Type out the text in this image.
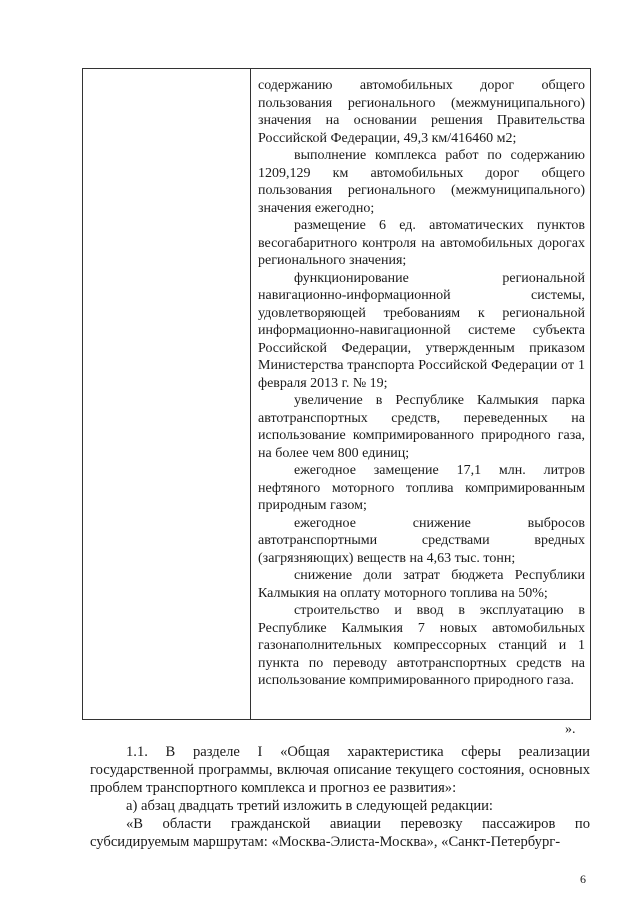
содержанию автомобильных дорог общего пользования регионального (межмуниципального) значения на основании решения Правительства Российской Федерации, 49,3 км/416460 м2;

выполнение комплекса работ по содержанию 1209,129 км автомобильных дорог общего пользования регионального (межмуниципального) значения ежегодно;

размещение 6 ед. автоматических пунктов весогабаритного контроля на автомобильных дорогах регионального значения;

функционирование региональной навигационно-информационной системы, удовлетворяющей требованиям к региональной информационно-навигационной системе субъекта Российской Федерации, утвержденным приказом Министерства транспорта Российской Федерации от 1 февраля 2013 г. № 19;

увеличение в Республике Калмыкия парка автотранспортных средств, переведенных на использование компримированного природного газа, на более чем 800 единиц;

ежегодное замещение 17,1 млн. литров нефтяного моторного топлива компримированным природным газом;

ежегодное снижение выбросов автотранспортными средствами вредных (загрязняющих) веществ на 4,63 тыс. тонн;

снижение доли затрат бюджета Республики Калмыкия на оплату моторного топлива на 50%;

строительство и ввод в эксплуатацию в Республике Калмыкия 7 новых автомобильных газонаполнительных компрессорных станций и 1 пункта по переводу автотранспортных средств на использование компримированного природного газа.

».

1.1. В разделе I «Общая характеристика сферы реализации государственной программы, включая описание текущего состояния, основных проблем транспортного комплекса и прогноз ее развития»:

а) абзац двадцать третий изложить в следующей редакции:

«В области гражданской авиации перевозку пассажиров по субсидируемым маршрутам: «Москва-Элиста-Москва», «Санкт-Петербург-

6
